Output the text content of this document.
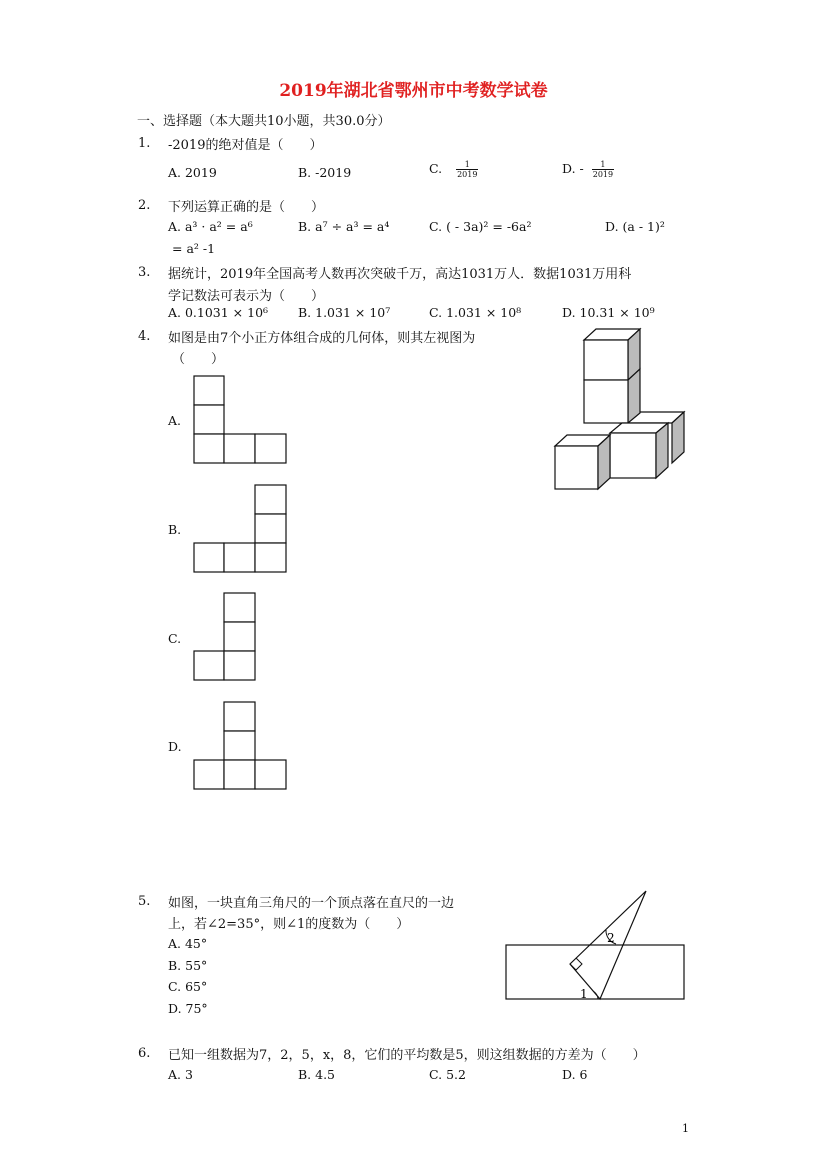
2019年湖北省鄂州市中考数学试卷
一、选择题（本大题共10小题，共30.0分）
1. -2019的绝对值是（　　）
A. 2019	B. -2019	C. $\frac{1}{2019}$	D. - $\frac{1}{2019}$
2. 下列运算正确的是（　　）
A. a³ · a² = a⁶	B. a⁷ ÷ a³ = a⁴	C. ( - 3a)² = -6a²	D. (a - 1)²
= a² -1
3. 据统计，2019年全国高考人数再次突破千万，高达1031万人．数据1031万用科
学记数法可表示为（　　）
A. 0.1031 × 10⁶ B. 1.031 × 10⁷	C. 1.031 × 10⁸	D. 10.31 × 10⁹
4. 如图是由7个小正方体组合成的几何体，则其左视图为
（　　）
A.
B.
C.
D.
5. 如图，一块直角三角尺的一个顶点落在直尺的一边
上，若∠2=35°，则∠1的度数为（　　）
A. 45°
B. 55°
C. 65°
D. 75°
1
2
6. 已知一组数据为7，2，5，x，8，它们的平均数是5，则这组数据的方差为（　　）
A. 3	B. 4.5	C. 5.2	D. 6
1
